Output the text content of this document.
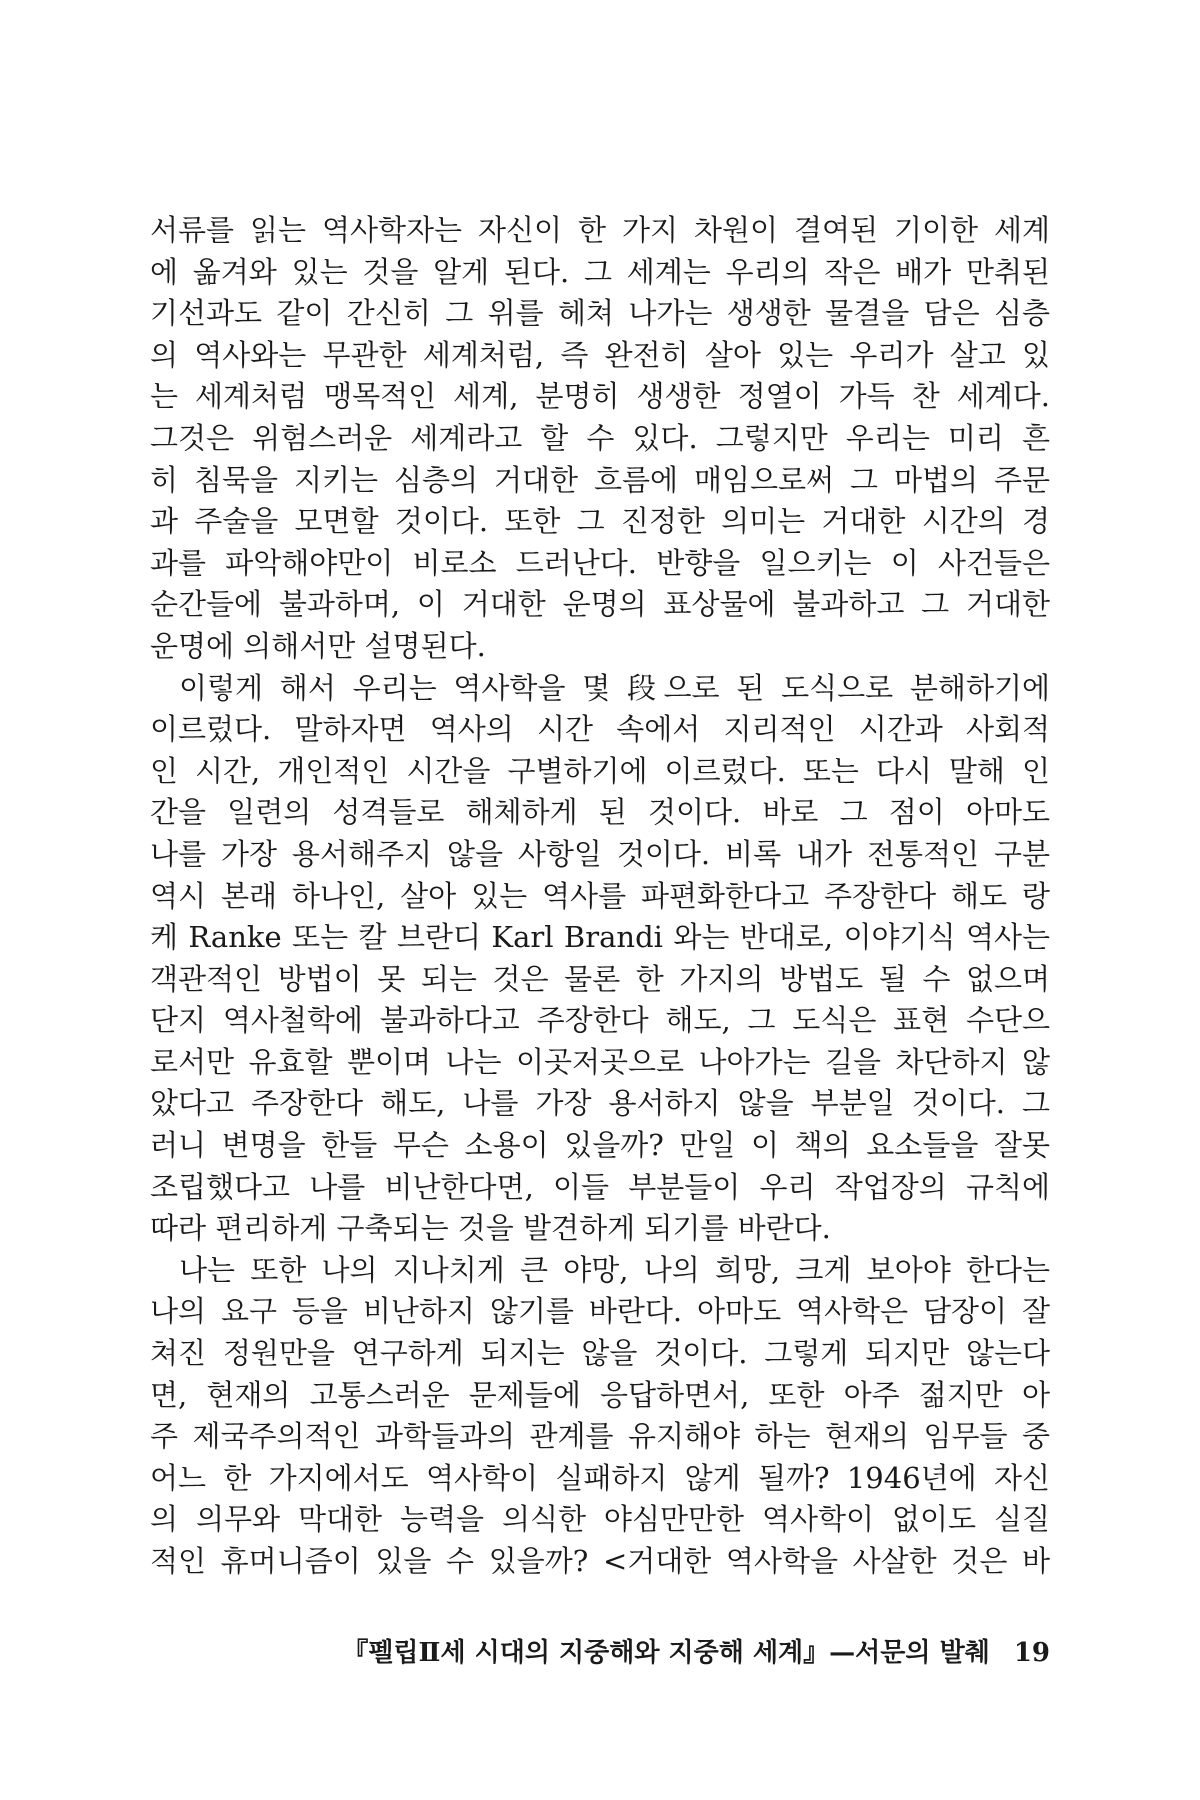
서류를 읽는 역사학자는 자신이 한 가지 차원이 결여된 기이한 세계
에 옮겨와 있는 것을 알게 된다. 그 세계는 우리의 작은 배가 만취된
기선과도 같이 간신히 그 위를 헤쳐 나가는 생생한 물결을 담은 심층
의 역사와는 무관한 세계처럼, 즉 완전히 살아 있는 우리가 살고 있
는 세계처럼 맹목적인 세계, 분명히 생생한 정열이 가득 찬 세계다.
그것은 위험스러운 세계라고 할 수 있다. 그렇지만 우리는 미리 흔
히 침묵을 지키는 심층의 거대한 흐름에 매임으로써 그 마법의 주문
과 주술을 모면할 것이다. 또한 그 진정한 의미는 거대한 시간의 경
과를 파악해야만이 비로소 드러난다. 반향을 일으키는 이 사건들은
순간들에 불과하며, 이 거대한 운명의 표상물에 불과하고 그 거대한
운명에 의해서만 설명된다.
이렇게 해서 우리는 역사학을 몇 段으로 된 도식으로 분해하기에
이르렀다. 말하자면 역사의 시간 속에서 지리적인 시간과 사회적
인 시간, 개인적인 시간을 구별하기에 이르렀다. 또는 다시 말해 인
간을 일련의 성격들로 해체하게 된 것이다. 바로 그 점이 아마도
나를 가장 용서해주지 않을 사항일 것이다. 비록 내가 전통적인 구분
역시 본래 하나인, 살아 있는 역사를 파편화한다고 주장한다 해도 랑
케 Ranke 또는 칼 브란디 Karl Brandi 와는 반대로, 이야기식 역사는
객관적인 방법이 못 되는 것은 물론 한 가지의 방법도 될 수 없으며
단지 역사철학에 불과하다고 주장한다 해도, 그 도식은 표현 수단으
로서만 유효할 뿐이며 나는 이곳저곳으로 나아가는 길을 차단하지 않
았다고 주장한다 해도, 나를 가장 용서하지 않을 부분일 것이다. 그
러니 변명을 한들 무슨 소용이 있을까? 만일 이 책의 요소들을 잘못
조립했다고 나를 비난한다면, 이들 부분들이 우리 작업장의 규칙에
따라 편리하게 구축되는 것을 발견하게 되기를 바란다.
나는 또한 나의 지나치게 큰 야망, 나의 희망, 크게 보아야 한다는
나의 요구 등을 비난하지 않기를 바란다. 아마도 역사학은 담장이 잘
쳐진 정원만을 연구하게 되지는 않을 것이다. 그렇게 되지만 않는다
면, 현재의 고통스러운 문제들에 응답하면서, 또한 아주 젊지만 아
주 제국주의적인 과학들과의 관계를 유지해야 하는 현재의 임무들 중
어느 한 가지에서도 역사학이 실패하지 않게 될까? 1946년에 자신
의 의무와 막대한 능력을 의식한 야심만만한 역사학이 없이도 실질
적인 휴머니즘이 있을 수 있을까? <거대한 역사학을 사살한 것은 바
『펠립Ⅱ세 시대의 지중해와 지중해 세계』—서문의 발췌 19
